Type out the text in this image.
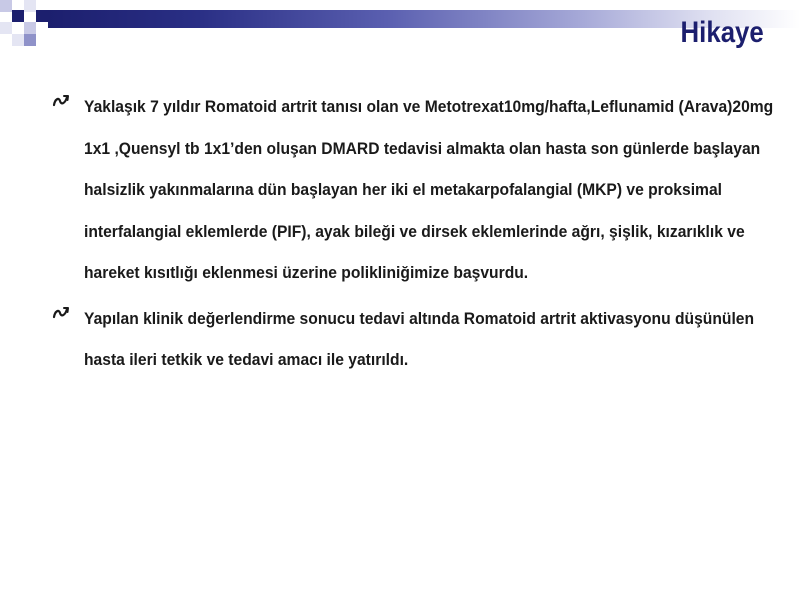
Hikaye
Yaklaşık 7 yıldır Romatoid artrit tanısı olan ve Metotrexat10mg/hafta,Leflunamid (Arava)20mg 1x1 ,Quensyl tb 1x1’den oluşan DMARD tedavisi almakta olan hasta son günlerde başlayan halsizlik yakınmalarına dün başlayan her iki el metakarpofalangial (MKP) ve proksimal interfalangial eklemlerde (PIF), ayak bileği ve dirsek eklemlerinde ağrı, şişlik, kızarıklık ve hareket kısıtlığı eklenmesi üzerine polikliniğimize başvurdu.
Yapılan klinik değerlendirme sonucu tedavi altında Romatoid artrit aktivasyonu düşünülen hasta ileri tetkik ve tedavi amacı ile yatırıldı.
